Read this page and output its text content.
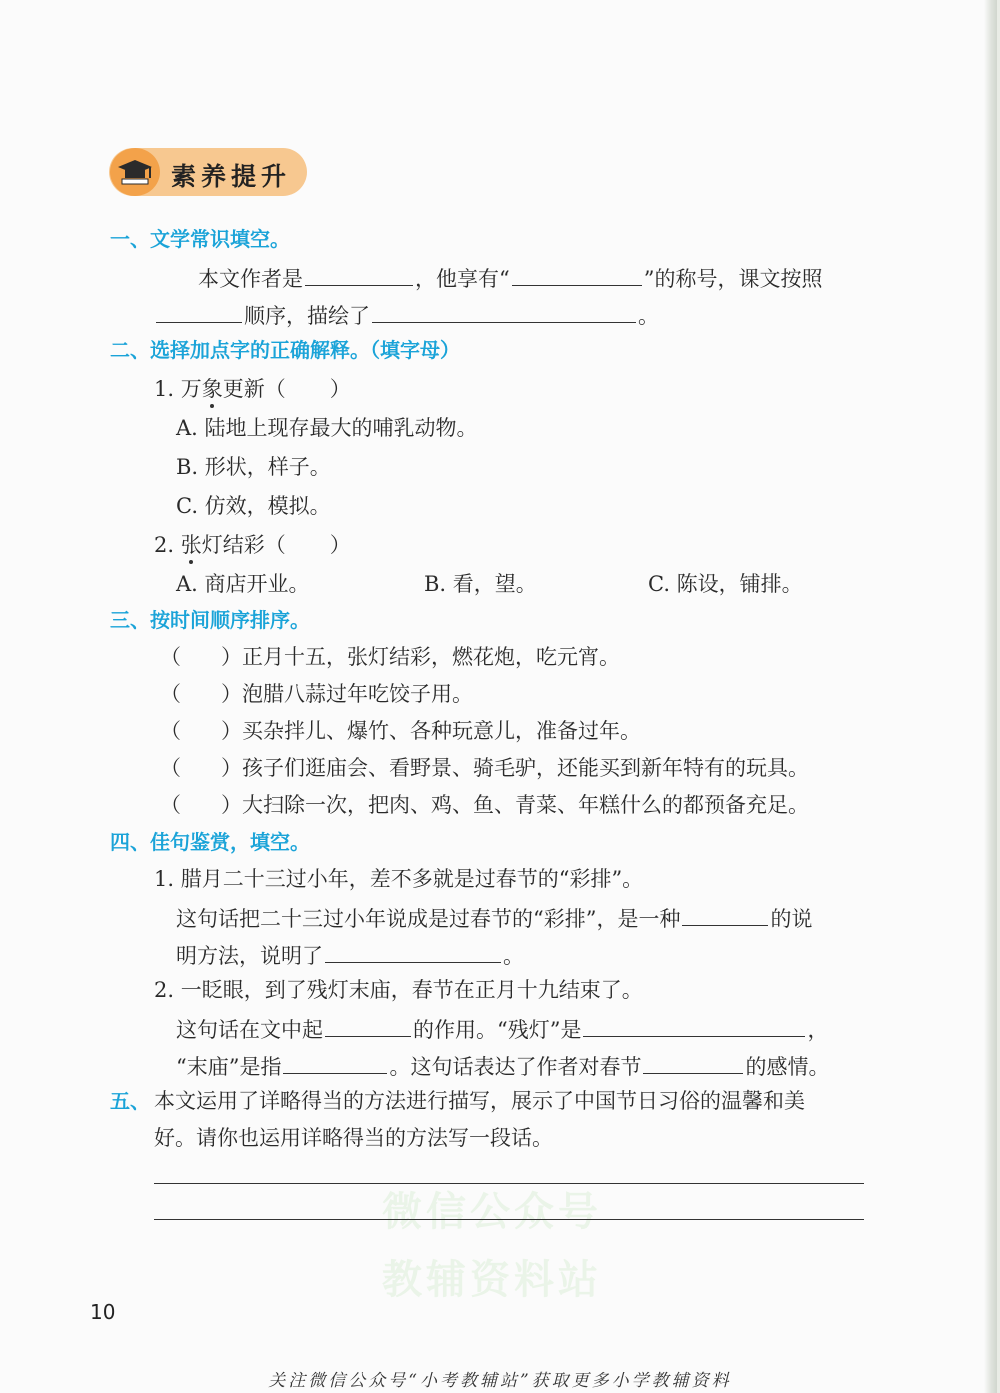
微信公众号
教辅资料站
素养提升
一、文学常识填空。
本文作者是	，他享有“	”的称号，课文按照
顺序，描绘了	。
二、选择加点字的正确解释。（填字母）
1. 万象更新（ ）
A. 陆地上现存最大的哺乳动物。
B. 形状，样子。
C. 仿效，模拟。
2. 张灯结彩（ ）
A. 商店开业。	B. 看，望。	C. 陈设，铺排。
三、按时间顺序排序。
（ ）正月十五，张灯结彩，燃花炮，吃元宵。
（ ）泡腊八蒜过年吃饺子用。
（ ）买杂拌儿、爆竹、各种玩意儿，准备过年。
（ ）孩子们逛庙会、看野景、骑毛驴，还能买到新年特有的玩具。
（ ）大扫除一次，把肉、鸡、鱼、青菜、年糕什么的都预备充足。
四、佳句鉴赏，填空。
1. 腊月二十三过小年，差不多就是过春节的“彩排”。
这句话把二十三过小年说成是过春节的“彩排”，是一种	的说
明方法，说明了	。
2. 一眨眼，到了残灯末庙，春节在正月十九结束了。
这句话在文中起	的作用。“残灯”是	，
“末庙”是指	。这句话表达了作者对春节	的感情。
五、 本文运用了详略得当的方法进行描写，展示了中国节日习俗的温馨和美
好。请你也运用详略得当的方法写一段话。
10
关注微信公众号“小考教辅站”获取更多小学教辅资料
